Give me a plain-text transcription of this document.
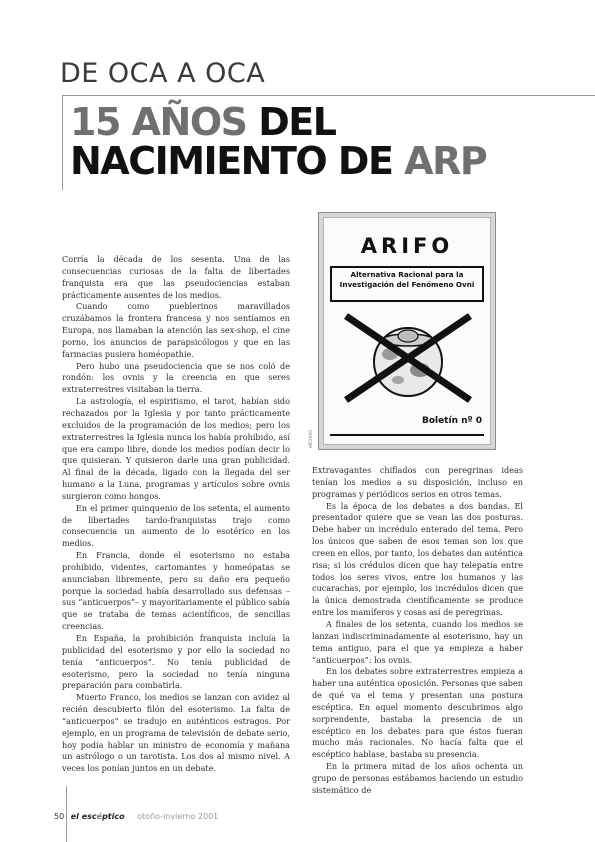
DE OCA A OCA
15 AÑOS DEL
NACIMIENTO DE ARP
ARIFO
Alternativa Racional para la Investigación del Fenómeno Ovni
Boletín nº 0
ARCHIVO

Corría la década de los sesenta. Una de las consecuencias curiosas de la falta de libertades franquista era que las pseudociencias estaban prácticamente ausentes de los medios.

Cuando como pueblerinos maravillados cruzábamos la frontera francesa y nos sentíamos en Europa, nos llamaban la atención las sex-shop, el cine porno, los anuncios de parapsicólogos y que en las farmacias pusiera homéopathie.

Pero hubo una pseudociencia que se nos coló de rondón: los ovnis y la creencia en que seres extraterrestres visitaban la tierra.

La astrología, el espiritismo, el tarot, habían sido rechazados por la Iglesia y por tanto prácticamente excluidos de la programación de los medios; pero los extraterrestres la Iglesia nunca los había prohibido, así que era campo libre, donde los medios podían decir lo que quisieran. Y quisieron darle una gran publicidad. Al final de la década, ligado con la llegada del ser humano a la Luna, programas y artículos sobre ovnis surgieron como hongos.

En el primer quinquenio de los setenta, el aumento de libertades tardo-franquistas trajo como consecuencia un aumento de lo esotérico en los medios.

En Francia, donde el esoterismo no estaba prohibido, videntes, cartomantes y homeópatas se anunciaban libremente, pero su daño era pequeño porque la sociedad había desarrollado sus defensas –sus “anticuerpos”– y mayoritariamente el público sabía que se trataba de temas acientíficos, de sencillas creencias.

En España, la prohibición franquista incluía la publicidad del esoterismo y por ello la sociedad no tenía “anticuerpos”. No tenía publicidad de esoterismo, pero la sociedad no tenía ninguna preparación para combatirla.

Muerto Franco, los medios se lanzan con avidez al recién descubierto filón del esoterismo. La falta de “anticuerpos” se tradujo en auténticos estragos. Por ejemplo, en un programa de televisión de debate serio, hoy podía hablar un ministro de economía y mañana un astrólogo o un tarotista. Los dos al mismo nivel. A veces los ponían juntos en un debate.

Extravagantes chiflados con peregrinas ideas tenían los medios a su disposición, incluso en programas y periódicos serios en otros temas.

Es la época de los debates a dos bandas. El presentador quiere que se vean las dos posturas. Debe haber un incrédulo enterado del tema. Pero los únicos que saben de esos temas son los que creen en ellos, por tanto, los debates dan auténtica risa; si los crédulos dicen que hay telepatía entre todos los seres vivos, entre los humanos y las cucarachas, por ejemplo, los incrédulos dicen que la única demostrada científicamente se produce entre los mamíferos y cosas así de peregrinas.

A finales de los setenta, cuando los medios se lanzan indiscriminadamente al esoterismo, hay un tema antiguo, para el que ya empieza a haber “anticuerpos”: los ovnis.

En los debates sobre extraterrestres empieza a haber una auténtica oposición. Personas que saben de qué va el tema y presentan una postura escéptica. En aquel momento descubrimos algo sorprendente, bastaba la presencia de un escéptico en los debates para que éstos fueran mucho más racionales. No hacía falta que el escéptico hablase, bastaba su presencia.

En la primera mitad de los años ochenta un grupo de personas estábamos haciendo un estudio sistemático de

50 el escéptico otoño-invierno 2001
